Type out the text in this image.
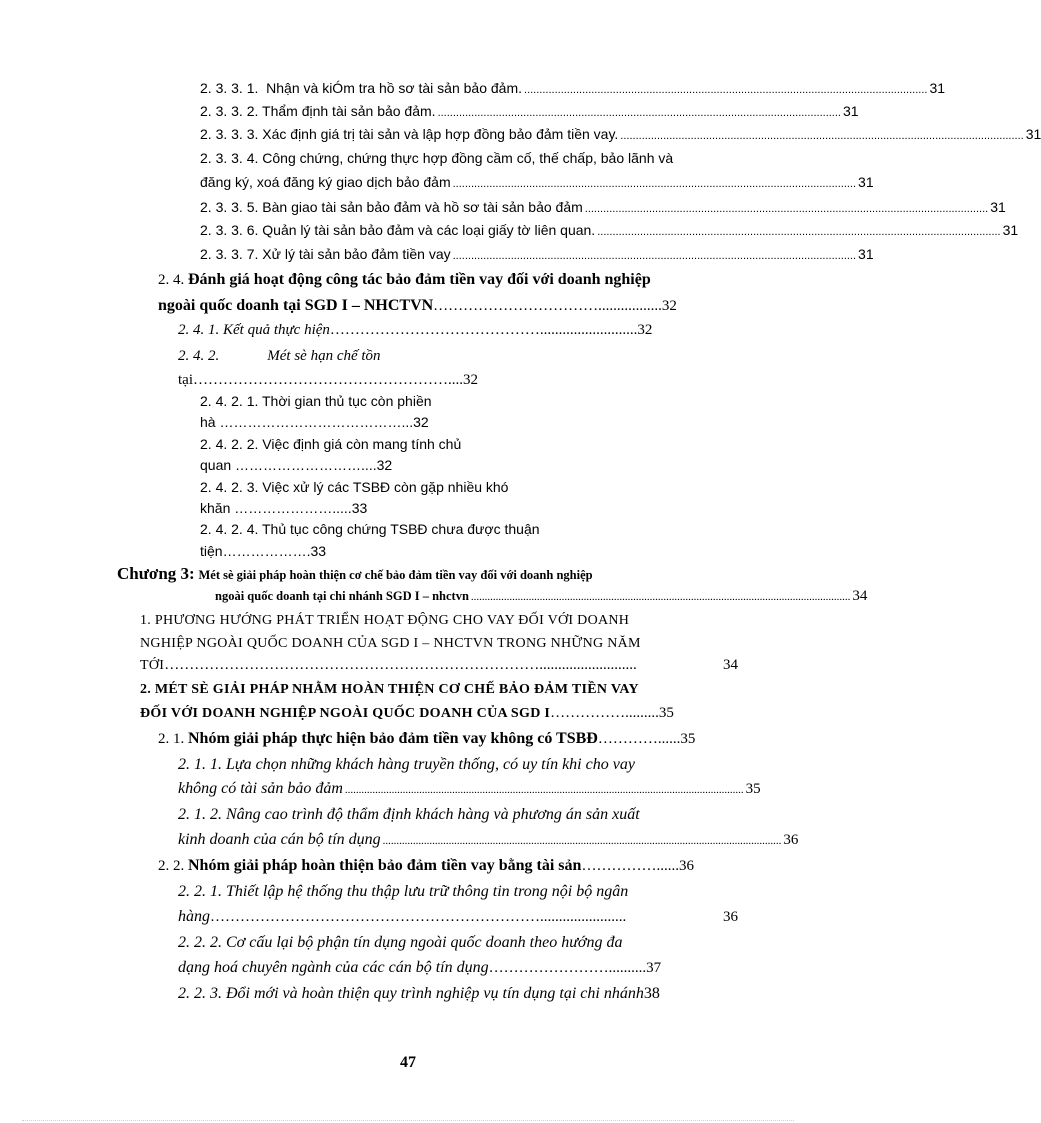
2. 3. 3. 1. Nhận và kiÓm tra hồ sơ tài sản bảo đảm. .................................................................................................................................... 31
2. 3. 3. 2. Thẩm định tài sản bảo đảm. .................................................................................................................................... 31
2. 3. 3. 3. Xác định giá trị tài sản và lập hợp đồng bảo đảm tiền vay. .................................................................................................................................... 31
2. 3. 3. 4. Công chứng, chứng thực hợp đồng cầm cố, thế chấp, bảo lãnh và
đăng ký, xoá đăng ký giao dịch bảo đảm .................................................................................................................................... 31
2. 3. 3. 5. Bàn giao tài sản bảo đảm và hồ sơ tài sản bảo đảm .................................................................................................................................... 31
2. 3. 3. 6. Quản lý tài sản bảo đảm và các loại giấy tờ liên quan. .................................................................................................................................... 31
2. 3. 3. 7. Xử lý tài sản bảo đảm tiền vay .................................................................................................................................... 31
2. 4. Đánh giá hoạt động công tác bảo đảm tiền vay đối với doanh nghiệp
ngoài quốc doanh tại SGD I – NHCTVN ……………………………................. 32
2. 4. 1. Kết quả thực hiện …………………………………….......................... 32
2. 4. 2.	Mét sè hạn chế tồn
tại……………………………………………....32
2. 4. 2. 1. Thời gian thủ tục còn phiền
hà …………………………………...32
2. 4. 2. 2. Việc định giá còn mang tính chủ
quan ………………………....32
2. 4. 2. 3. Việc xử lý các TSBĐ còn gặp nhiều khó
khăn ………………….....33
2. 4. 2. 4. Thủ tục công chứng TSBĐ chưa được thuận
tiện……………….33
Chương 3: Mét sè giải pháp hoàn thiện cơ chế bảo đảm tiền vay đối với doanh nghiệp
ngoài quốc doanh tại chi nhánh SGD I – nhctvn .......................................................................................................................................... 34
1. PHƯƠNG HƯỚNG PHÁT TRIỂN HOẠT ĐỘNG CHO VAY ĐỐI VỚI DOANH
NGHIỆP NGOÀI QUỐC DOANH CỦA SGD I – NHCTVN TRONG NHỮNG NĂM
TỚI …………………………………………………………………..........................	34
2. MÉT SÈ GIẢI PHÁP NHẰM HOÀN THIỆN CƠ CHẾ BẢO ĐẢM TIỀN VAY
ĐỐI VỚI DOANH NGHIỆP NGOÀI QUỐC DOANH CỦA SGD I ……………......... 35
2. 1. Nhóm giải pháp thực hiện bảo đảm tiền vay không có TSBĐ …………...... 35
2. 1. 1. Lựa chọn những khách hàng truyền thống, có uy tín khi cho vay
không có tài sản bảo đảm ................................................................................................................................................. 35
2. 1. 2. Nâng cao trình độ thẩm định khách hàng và phương án sản xuất
kinh doanh của cán bộ tín dụng ................................................................................................................................................. 36
2. 2. Nhóm giải pháp hoàn thiện bảo đảm tiền vay bằng tài sản ……………...... 36
2. 2. 1. Thiết lập hệ thống thu thập lưu trữ thông tin trong nội bộ ngân
hàng ………………………………………………………….......................	36
2. 2. 2. Cơ cấu lại bộ phận tín dụng ngoài quốc doanh theo hướng đa
dạng hoá chuyên ngành của các cán bộ tín dụng …………………….......... 37
2. 2. 3. Đổi mới và hoàn thiện quy trình nghiệp vụ tín dụng tại chi nhánh38
47
